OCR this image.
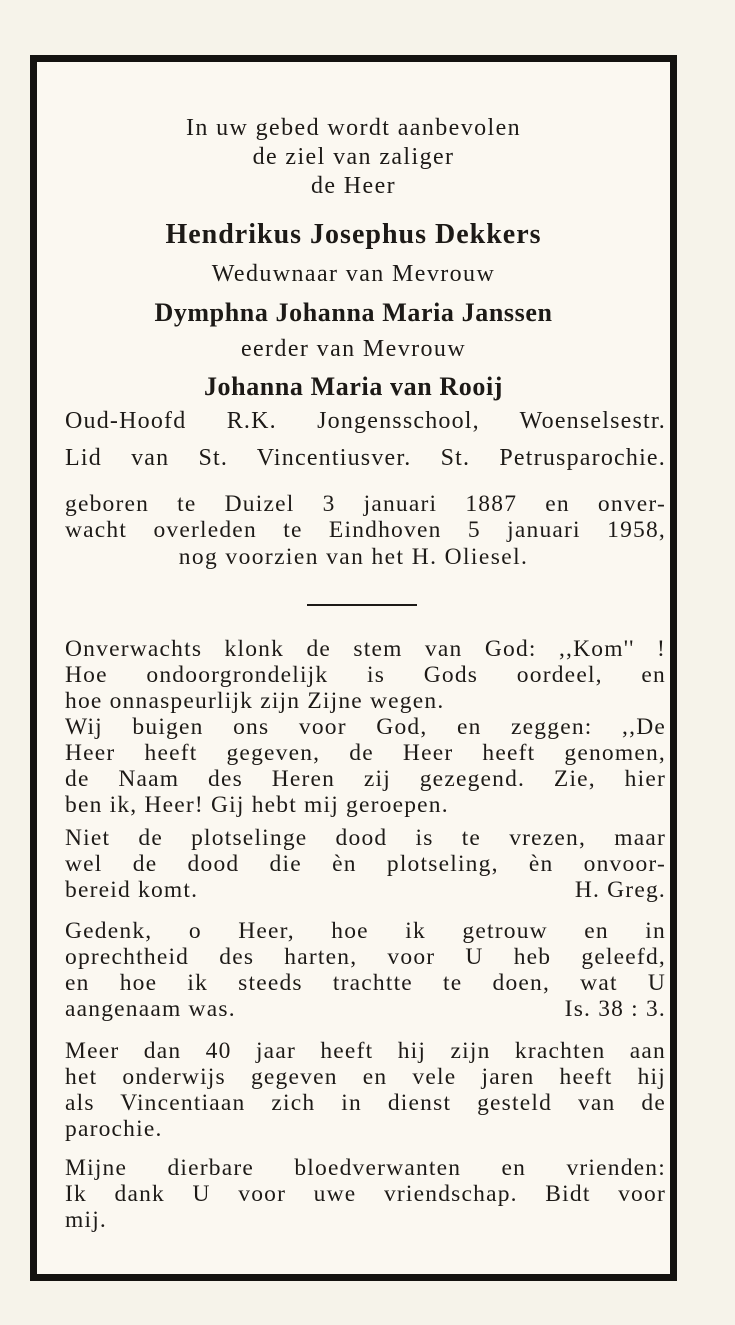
In uw gebed wordt aanbevolen
de ziel van zaliger
de Heer
Hendrikus Josephus Dekkers
Weduwnaar van Mevrouw
Dymphna Johanna Maria Janssen
eerder van Mevrouw
Johanna Maria van Rooij
Oud-Hoofd R.K. Jongensschool, Woenselsestr.
Lid van St. Vincentiusver. St. Petrusparochie.
geboren te Duizel 3 januari 1887 en onver-
wacht overleden te Eindhoven 5 januari 1958,
nog voorzien van het H. Oliesel.
Onverwachts klonk de stem van God: ,,Kom'' !
Hoe ondoorgrondelijk is Gods oordeel, en
hoe onnaspeurlijk zijn Zijne wegen.
Wij buigen ons voor God, en zeggen: ,,De
Heer heeft gegeven, de Heer heeft genomen,
de Naam des Heren zij gezegend. Zie, hier
ben ik, Heer! Gij hebt mij geroepen.
Niet de plotselinge dood is te vrezen, maar
wel de dood die èn plotseling, èn onvoor-
bereid komt.	H. Greg.
Gedenk, o Heer, hoe ik getrouw en in
oprechtheid des harten, voor U heb geleefd,
en hoe ik steeds trachtte te doen, wat U
aangenaam was.	Is. 38 : 3.
Meer dan 40 jaar heeft hij zijn krachten aan
het onderwijs gegeven en vele jaren heeft hij
als Vincentiaan zich in dienst gesteld van de
parochie.
Mijne dierbare bloedverwanten en vrienden:
Ik dank U voor uwe vriendschap. Bidt voor
mij.
